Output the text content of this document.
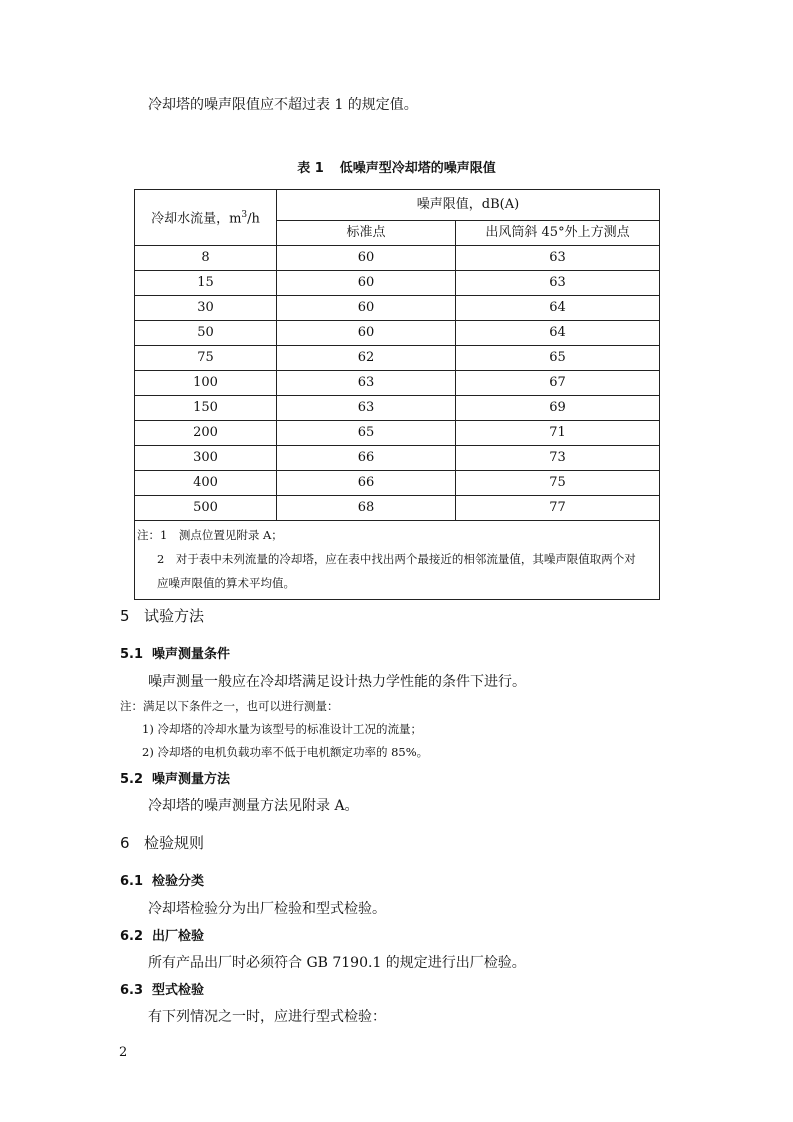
冷却塔的噪声限值应不超过表 1 的规定值。
表 1 低噪声型冷却塔的噪声限值
冷却水流量，$m^3/h$	噪声限值，dB(A)	
	标准点	出风筒斜 45°外上方测点
8	60	63
15	60	63
30	60	64
50	60	64
75	62	65
100	63	67
150	63	69
200	65	71
300	66	73
400	66	75
500	68	77

注：1　测点位置见附录 A；
2　对于表中未列流量的冷却塔，应在表中找出两个最接近的相邻流量值，其噪声限值取两个对
应噪声限值的算术平均值。		
5 试验方法
5.1 噪声测量条件
噪声测量一般应在冷却塔满足设计热力学性能的条件下进行。
注：满足以下条件之一，也可以进行测量：
1) 冷却塔的冷却水量为该型号的标准设计工况的流量；
2) 冷却塔的电机负载功率不低于电机额定功率的 85%。
5.2 噪声测量方法
冷却塔的噪声测量方法见附录 A。
6 检验规则
6.1 检验分类
冷却塔检验分为出厂检验和型式检验。
6.2 出厂检验
所有产品出厂时必须符合 GB 7190.1 的规定进行出厂检验。
6.3 型式检验
有下列情况之一时，应进行型式检验：
2
